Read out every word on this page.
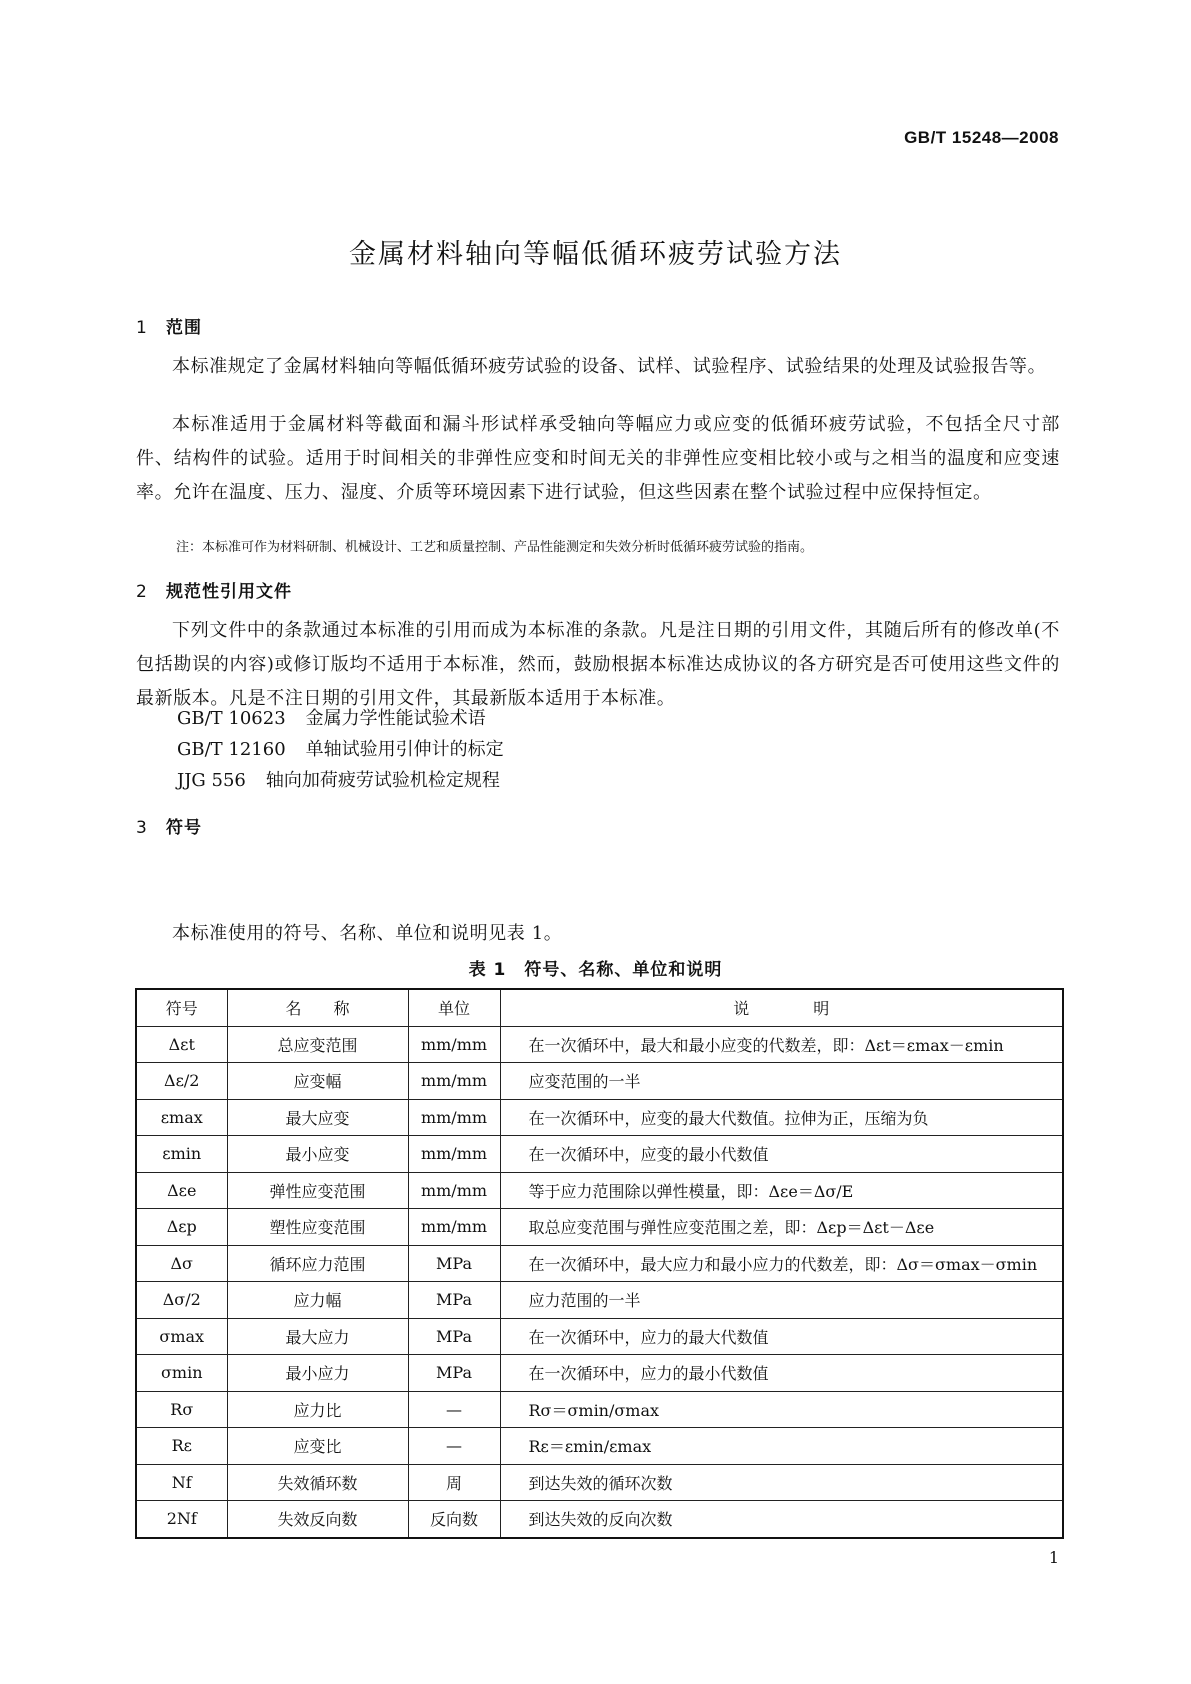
GB/T 15248—2008
金属材料轴向等幅低循环疲劳试验方法
1 范围
本标准规定了金属材料轴向等幅低循环疲劳试验的设备、试样、试验程序、试验结果的处理及试验报告等。
本标准适用于金属材料等截面和漏斗形试样承受轴向等幅应力或应变的低循环疲劳试验，不包括全尺寸部件、结构件的试验。适用于时间相关的非弹性应变和时间无关的非弹性应变相比较小或与之相当的温度和应变速率。允许在温度、压力、湿度、介质等环境因素下进行试验，但这些因素在整个试验过程中应保持恒定。
注：本标准可作为材料研制、机械设计、工艺和质量控制、产品性能测定和失效分析时低循环疲劳试验的指南。
2 规范性引用文件
下列文件中的条款通过本标准的引用而成为本标准的条款。凡是注日期的引用文件，其随后所有的修改单(不包括勘误的内容)或修订版均不适用于本标准，然而，鼓励根据本标准达成协议的各方研究是否可使用这些文件的最新版本。凡是不注日期的引用文件，其最新版本适用于本标准。
GB/T 10623 金属力学性能试验术语
GB/T 12160 单轴试验用引伸计的标定
JJG 556 轴向加荷疲劳试验机检定规程
3 符号
本标准使用的符号、名称、单位和说明见表 1。
表 1　符号、名称、单位和说明
符号	名　　称	单位	说　　　　明
Δεt	总应变范围	mm/mm	在一次循环中，最大和最小应变的代数差，即：Δεt＝εmax－εmin
Δε/2	应变幅	mm/mm	应变范围的一半
εmax	最大应变	mm/mm	在一次循环中，应变的最大代数值。拉伸为正，压缩为负
εmin	最小应变	mm/mm	在一次循环中，应变的最小代数值
Δεe	弹性应变范围	mm/mm	等于应力范围除以弹性模量，即：Δεe＝Δσ/E
Δεp	塑性应变范围	mm/mm	取总应变范围与弹性应变范围之差，即：Δεp＝Δεt－Δεe
Δσ	循环应力范围	MPa	在一次循环中，最大应力和最小应力的代数差，即：Δσ＝σmax－σmin
Δσ/2	应力幅	MPa	应力范围的一半
σmax	最大应力	MPa	在一次循环中，应力的最大代数值
σmin	最小应力	MPa	在一次循环中，应力的最小代数值
Rσ	应力比	—	Rσ＝σmin/σmax
Rε	应变比	—	Rε＝εmin/εmax
Nf	失效循环数	周	到达失效的循环次数
2Nf	失效反向数	反向数	到达失效的反向次数
1
